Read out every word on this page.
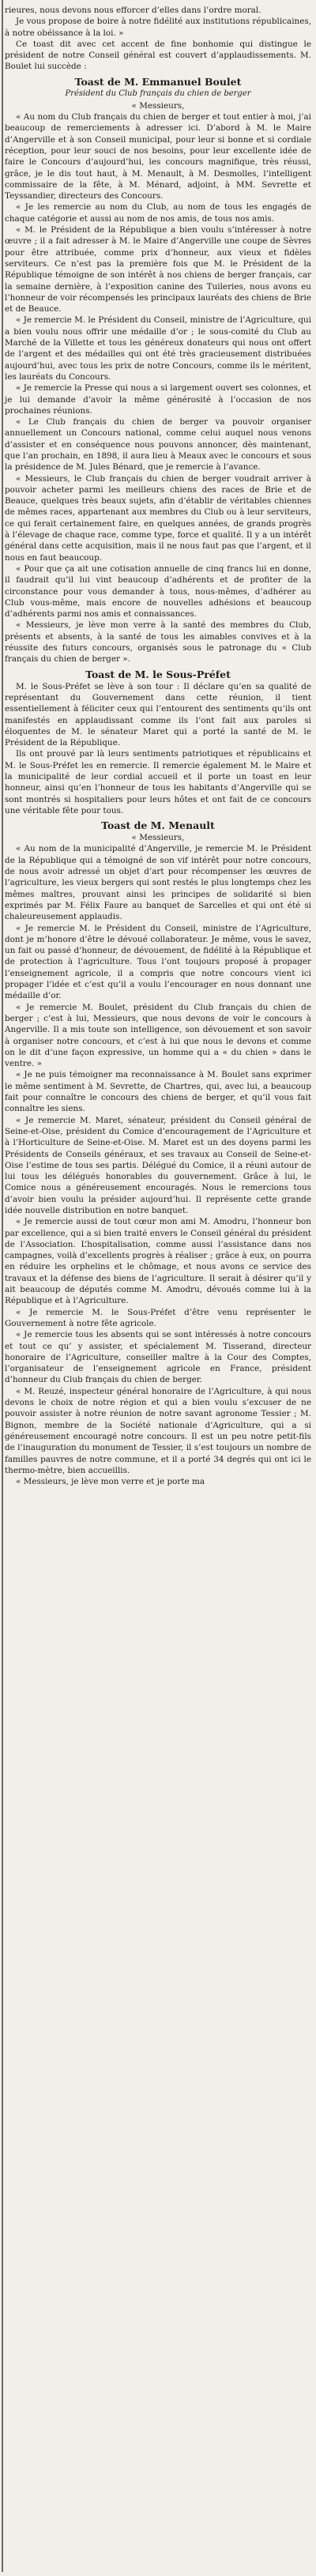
rieures, nous devons nous efforcer d’elles dans l’ordre moral.

Je vous propose de boire à notre fidélité aux institutions républicaines, à notre obéissance à la loi. »

Ce toast dit avec cet accent de fine bonhomie qui distingue le président de notre Conseil général est couvert d’applaudissements. M. Boulet lui succède :

Toast de M. Emmanuel Boulet

Président du Club français du chien de berger

« Messieurs,

« Au nom du Club français du chien de berger et tout entier à moi, j’ai beaucoup de remerciements à adresser ici. D’abord à M. le Maire d’Angerville et à son Conseil municipal, pour leur si bonne et si cordiale réception, pour leur souci de nos besoins, pour leur excellente idée de faire le Concours d’aujourd’hui, les concours magnifique, très réussi, grâce, je le dis tout haut, à M. Menault, à M. Desmolles, l’intelligent commissaire de la fête, à M. Ménard, adjoint, à MM. Sevrette et Teyssandier, directeurs des Concours.

« Je les remercie au nom du Club, au nom de tous les engagés de chaque catégorie et aussi au nom de nos amis, de tous nos amis.

« M. le Président de la République a bien voulu s’intéresser à notre œuvre ; il a fait adresser à M. le Maire d’Angerville une coupe de Sèvres pour être attribuée, comme prix d’honneur, aux vieux et fidèles serviteurs. Ce n’est pas la première fois que M. le Président de la République témoigne de son intérêt à nos chiens de berger français, car la semaine dernière, à l’exposition canine des Tuileries, nous avons eu l’honneur de voir récompensés les principaux lauréats des chiens de Brie et de Beauce.

« Je remercie M. le Président du Conseil, ministre de l’Agriculture, qui a bien voulu nous offrir une médaille d’or ; le sous-comité du Club au Marché de la Villette et tous les généreux donateurs qui nous ont offert de l’argent et des médailles qui ont été très gracieusement distribuées aujourd’hui, avec tous les prix de notre Concours, comme ils le méritent, les lauréats du Concours.

« Je remercie la Presse qui nous a si largement ouvert ses colonnes, et je lui demande d’avoir la même générosité à l’occasion de nos prochaines réunions.

« Le Club français du chien de berger va pouvoir organiser annuellement un Concours national, comme celui auquel nous venons d’assister et en conséquence nous pouvons annoncer, dès maintenant, que l’an prochain, en 1898, il aura lieu à Meaux avec le concours et sous la présidence de M. Jules Bénard, que je remercie à l’avance.

« Messieurs, le Club français du chien de berger voudrait arriver à pouvoir acheter parmi les meilleurs chiens des races de Brie et de Beauce, quelques très beaux sujets, afin d’établir de véritables chiennes de mêmes races, appartenant aux membres du Club ou à leur serviteurs, ce qui ferait certainement faire, en quelques années, de grands progrès à l’élevage de chaque race, comme type, force et qualité. Il y a un intérêt général dans cette acquisition, mais il ne nous faut pas que l’argent, et il nous en faut beaucoup.

« Pour que ça ait une cotisation annuelle de cinq francs lui en donne, il faudrait qu’il lui vint beaucoup d’adhérents et de profiter de la circonstance pour vous demander à tous, nous-mêmes, d’adhérer au Club vous-même, mais encore de nouvelles adhésions et beaucoup d’adhérents parmi nos amis et connaissances.

« Messieurs, je lève mon verre à la santé des membres du Club, présents et absents, à la santé de tous les aimables convives et à la réussite des futurs concours, organisés sous le patronage du « Club français du chien de berger ».

Toast de M. le Sous-Préfet

M. le Sous-Préfet se lève à son tour : Il déclare qu’en sa qualité de représentant du Gouvernement dans cette réunion, il tient essentiellement à féliciter ceux qui l’entourent des sentiments qu’ils ont manifestés en applaudissant comme ils l’ont fait aux paroles si éloquentes de M. le sénateur Maret qui a porté la santé de M. le Président de la République.

Ils ont prouvé par là leurs sentiments patriotiques et républicains et M. le Sous-Préfet les en remercie. Il remercie également M. le Maire et la municipalité de leur cordial accueil et il porte un toast en leur honneur, ainsi qu’en l’honneur de tous les habitants d’Angerville qui se sont montrés si hospitaliers pour leurs hôtes et ont fait de ce concours une véritable fête pour tous.

Toast de M. Menault

« Messieurs,

« Au nom de la municipalité d’Angerville, je remercie M. le Président de la République qui a témoigné de son vif intérêt pour notre concours, de nous avoir adressé un objet d’art pour récompenser les œuvres de l’agriculture, les vieux bergers qui sont restés le plus longtemps chez les mêmes maîtres, prouvant ainsi les principes de solidarité si bien exprimés par M. Félix Faure au banquet de Sarcelles et qui ont été si chaleureusement applaudis.

« Je remercie M. le Président du Conseil, ministre de l’Agriculture, dont je m’honore d’être le dévoué collaborateur. Je même, vous le savez, un fait ou passé d’honneur, de dévouement, de fidélité à la République et de protection à l’agriculture. Tous l’ont toujours proposé à propager l’enseignement agricole, il a compris que notre concours vient ici propager l’idée et c’est qu’il a voulu l’encourager en nous donnant une médaille d’or.

« Je remercie M. Boulet, président du Club français du chien de berger ; c’est à lui, Messieurs, que nous devons de voir le concours à Angerville. Il a mis toute son intelligence, son dévouement et son savoir à organiser notre concours, et c’est à lui que nous le devons et comme on le dit d’une façon expressive, un homme qui a « du chien » dans le ventre. »

« Je ne puis témoigner ma reconnaissance à M. Boulet sans exprimer le même sentiment à M. Sevrette, de Chartres, qui, avec lui, a beaucoup fait pour connaître le concours des chiens de berger, et qu’il vous fait connaître les siens.

« Je remercie M. Maret, sénateur, président du Conseil général de Seine-et-Oise, président du Comice d’encouragement de l’Agriculture et à l’Horticulture de Seine-et-Oise. M. Maret est un des doyens parmi les Présidents de Conseils généraux, et ses travaux au Conseil de Seine-et-Oise l’estime de tous ses partis. Délégué du Comice, il a réuni autour de lui tous les délégués honorables du gouvernement. Grâce à lui, le Comice nous a généreusement encouragés. Nous le remercions tous d’avoir bien voulu la présider aujourd’hui. Il représente cette grande idée nouvelle distribution en notre banquet.

« Je remercie aussi de tout cœur mon ami M. Amodru, l’honneur bon par excellence, qui a si bien traité envers le Conseil général du président de l’Association. L’hospitalisation, comme aussi l’assistance dans nos campagnes, voilà d’excellents progrès à réaliser ; grâce à eux, on pourra en réduire les orphelins et le chômage, et nous avons ce service des travaux et la défense des biens de l’agriculture. Il serait à désirer qu’il y ait beaucoup de députés comme M. Amodru, dévoués comme lui à la République et à l’Agriculture.

« Je remercie M. le Sous-Préfet d’être venu représenter le Gouvernement à notre fête agricole.

« Je remercie tous les absents qui se sont intéressés à notre concours et tout ce qu’ y assister, et spécialement M. Tisserand, directeur honoraire de l’Agriculture, conseiller maître à la Cour des Comptes, l’organisateur de l’enseignement agricole en France, président d’honneur du Club français du chien de berger.

« M. Reuzé, inspecteur général honoraire de l’Agriculture, à qui nous devons le choix de notre région et qui a bien voulu s’excuser de ne pouvoir assister à notre réunion de notre savant agronome Tessier ; M. Bignon, membre de la Société nationale d’Agriculture, qui a si généreusement encouragé notre concours. Il est un peu notre petit-fils de l’inauguration du monument de Tessier, il s’est toujours un nombre de familles pauvres de notre commune, et il a porté 34 degrés qui ont ici le thermo-mètre, bien accueillis.

« Messieurs, je lève mon verre et je porte ma
